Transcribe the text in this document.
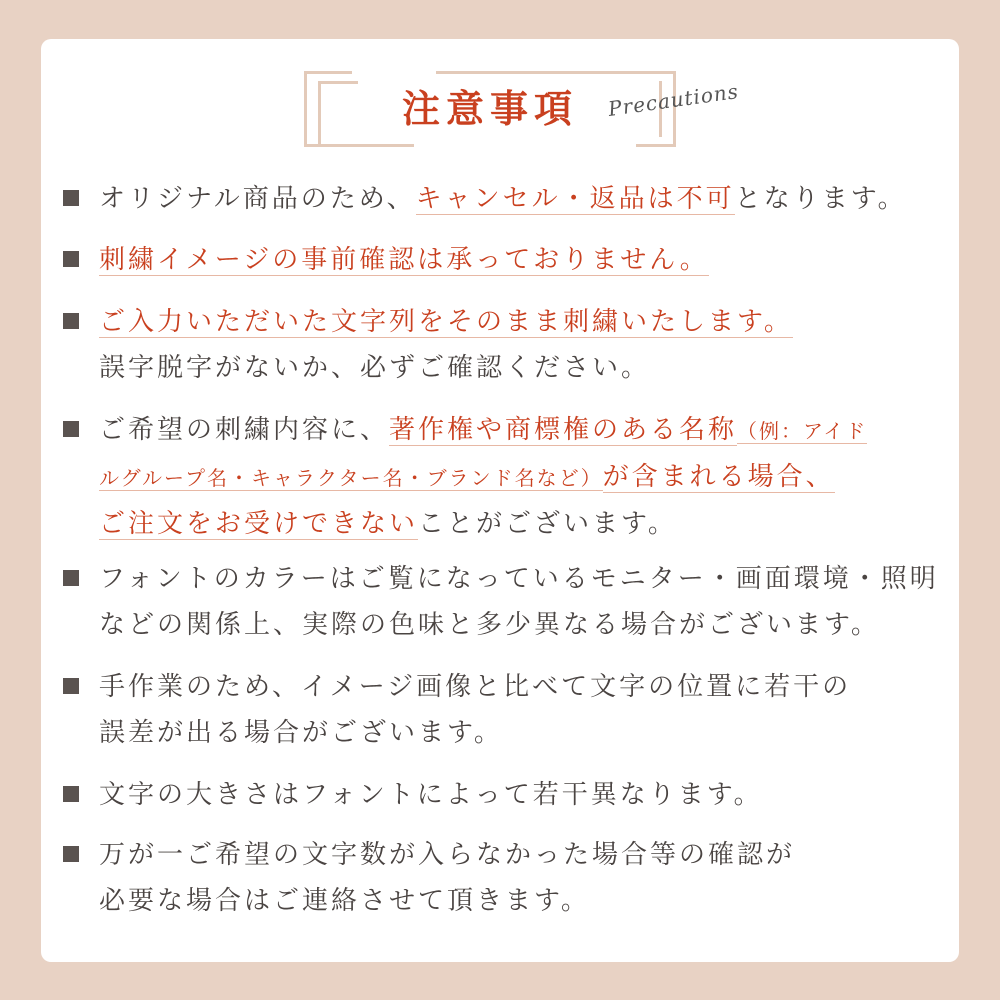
注意事項	Precautions
オリジナル商品のため、キャンセル・返品は不可となります。
刺繍イメージの事前確認は承っておりません。
ご入力いただいた文字列をそのまま刺繍いたします。
誤字脱字がないか、必ずご確認ください。
ご希望の刺繍内容に、著作権や商標権のある名称（例：アイド
ルグループ名・キャラクター名・ブランド名など）が含まれる場合、
ご注文をお受けできないことがございます。
フォントのカラーはご覧になっているモニター・画面環境・照明
などの関係上、実際の色味と多少異なる場合がございます。
手作業のため、イメージ画像と比べて文字の位置に若干の
誤差が出る場合がございます。
文字の大きさはフォントによって若干異なります。
万が一ご希望の文字数が入らなかった場合等の確認が
必要な場合はご連絡させて頂きます。
